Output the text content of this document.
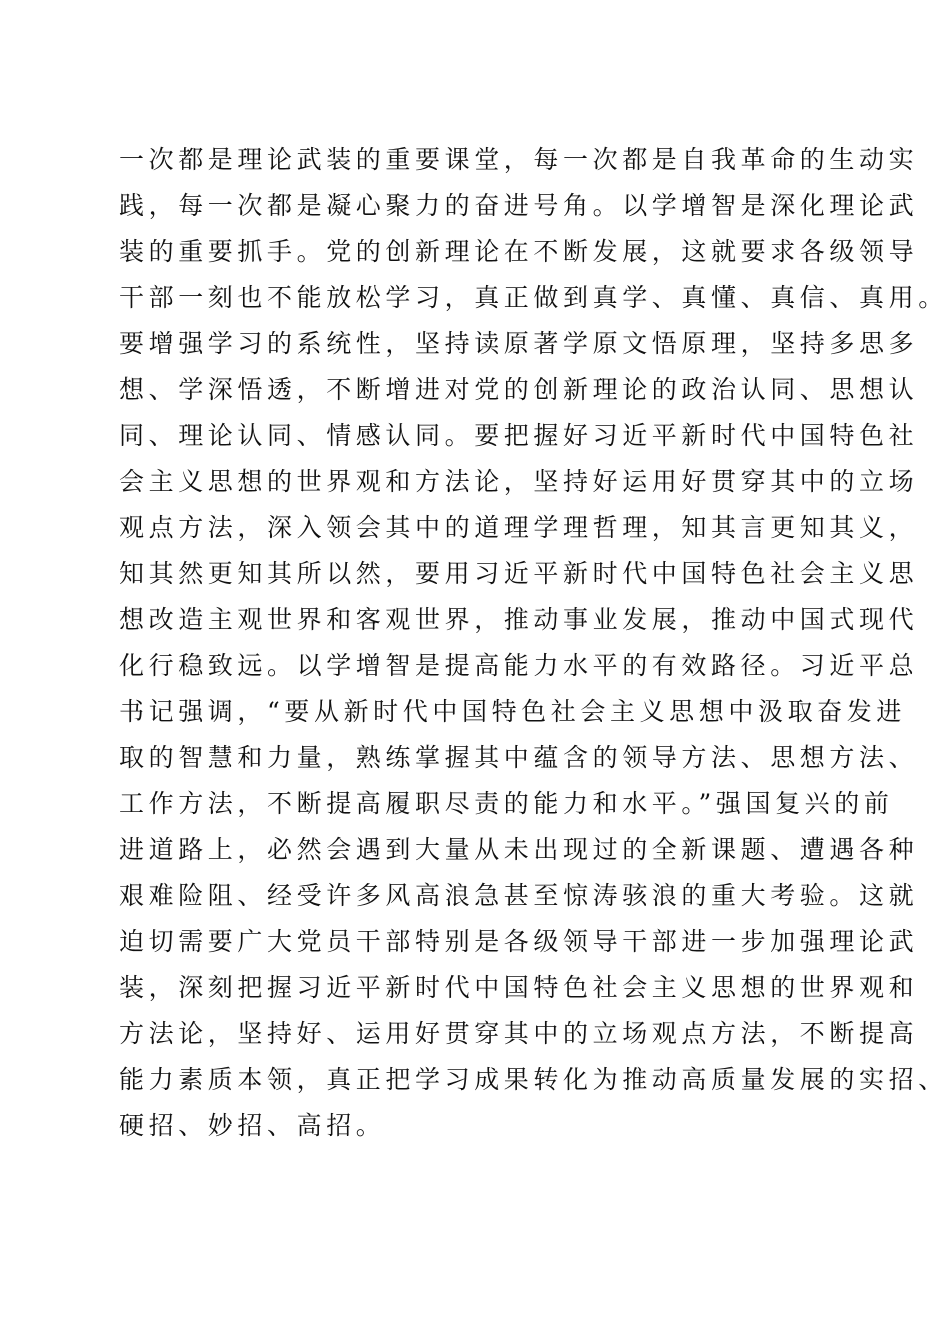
一次都是理论武装的重要课堂，每一次都是自我革命的生动实
践，每一次都是凝心聚力的奋进号角。以学增智是深化理论武
装的重要抓手。党的创新理论在不断发展，这就要求各级领导
干部一刻也不能放松学习，真正做到真学、真懂、真信、真用。
要增强学习的系统性，坚持读原著学原文悟原理，坚持多思多
想、学深悟透，不断增进对党的创新理论的政治认同、思想认
同、理论认同、情感认同。要把握好习近平新时代中国特色社
会主义思想的世界观和方法论，坚持好运用好贯穿其中的立场
观点方法，深入领会其中的道理学理哲理，知其言更知其义，
知其然更知其所以然，要用习近平新时代中国特色社会主义思
想改造主观世界和客观世界，推动事业发展，推动中国式现代
化行稳致远。以学增智是提高能力水平的有效路径。习近平总
书记强调，“要从新时代中国特色社会主义思想中汲取奋发进
取的智慧和力量，熟练掌握其中蕴含的领导方法、思想方法、
工作方法，不断提高履职尽责的能力和水平。”强国复兴的前
进道路上，必然会遇到大量从未出现过的全新课题、遭遇各种
艰难险阻、经受许多风高浪急甚至惊涛骇浪的重大考验。这就
迫切需要广大党员干部特别是各级领导干部进一步加强理论武
装，深刻把握习近平新时代中国特色社会主义思想的世界观和
方法论，坚持好、运用好贯穿其中的立场观点方法，不断提高
能力素质本领，真正把学习成果转化为推动高质量发展的实招、
硬招、妙招、高招。
